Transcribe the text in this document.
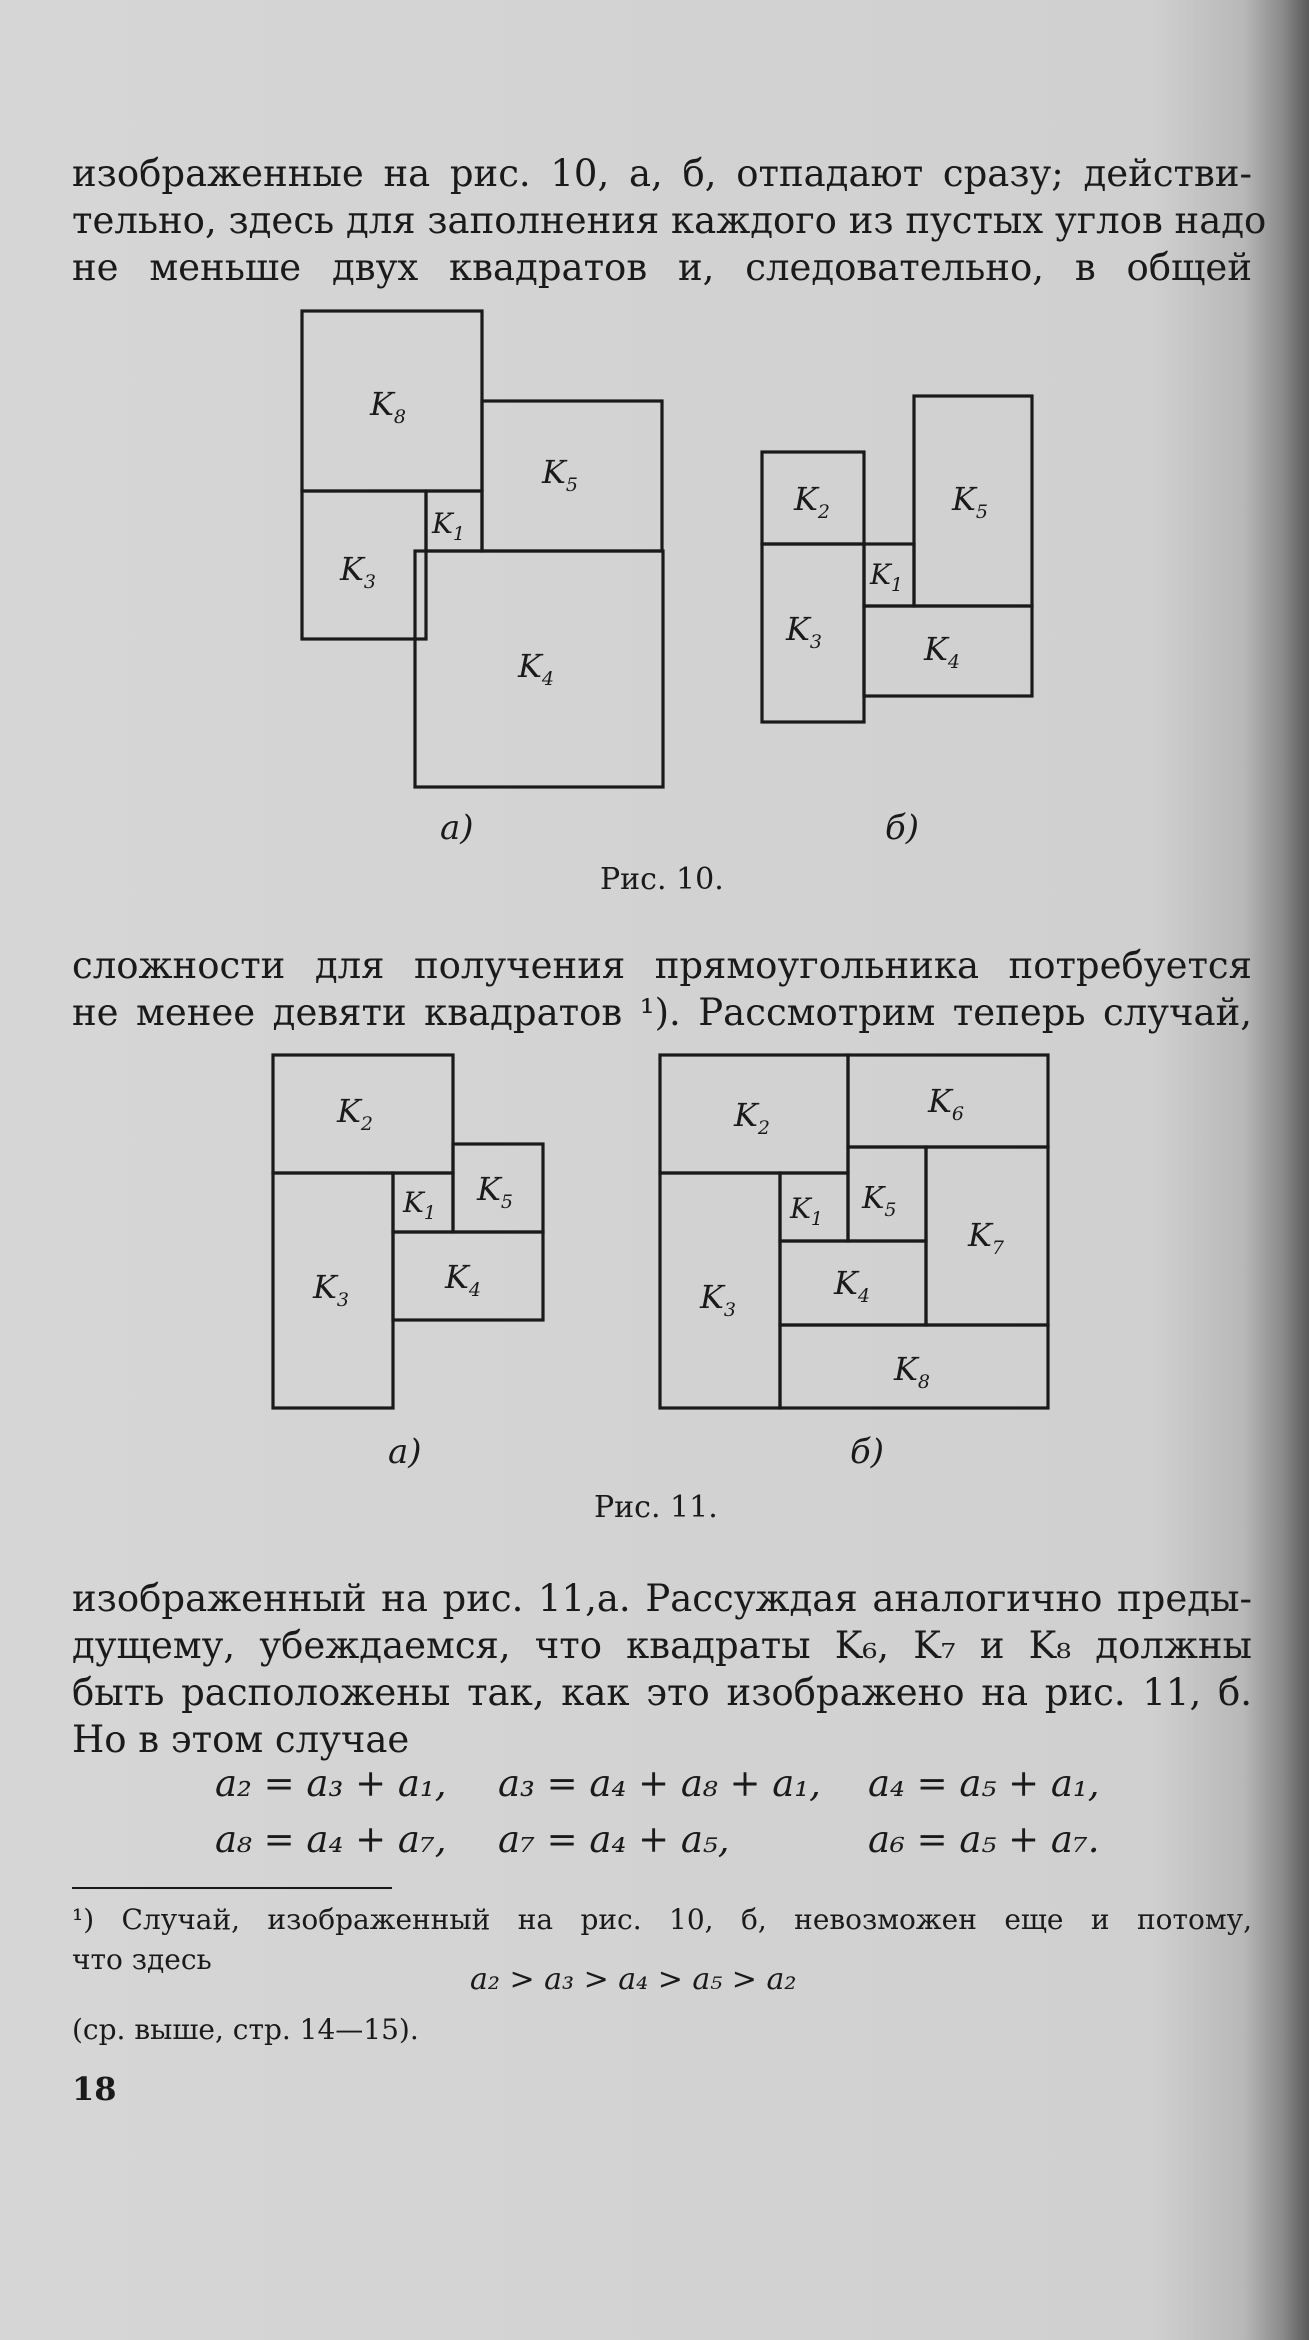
изображенные на рис. 10, а, б, отпадают сразу; действи-
тельно, здесь для заполнения каждого из пустых углов надо
не меньше двух квадратов и, следовательно, в общей

$K_8$
$K_5$
$K_1$
$K_3$
$K_4$
$K_2$	$K_5$
$K_1$
$K_3$	$K_4$
а)	б)
Рис. 10.

сложности для получения прямоугольника потребуется
не менее девяти квадратов ¹). Рассмотрим теперь случай,

$K_2$
$K_1$
$K_5$
$K_3$
$K_4$
$K_2$
$K_6$
$K_1$
$K_5$
$K_7$
$K_3$
$K_4$
$K_8$
а)	б)
Рис. 11.

изображенный на рис. 11,а. Рассуждая аналогично преды-
дущему, убеждаемся, что квадраты K₆, K₇ и K₈ должны
быть расположены так, как это изображено на рис. 11, б.
Но в этом случае

a₂ = a₃ + a₁, a₃ = a₄ + a₈ + a₁, a₄ = a₅ + a₁,
a₈ = a₄ + a₇, a₇ = a₄ + a₅,	a₆ = a₅ + a₇.
¹) Случай, изображенный на рис. 10, б, невозможен еще и потому,
что здесь
a₂ > a₃ > a₄ > a₅ > a₂
(ср. выше, стр. 14—15).
18
